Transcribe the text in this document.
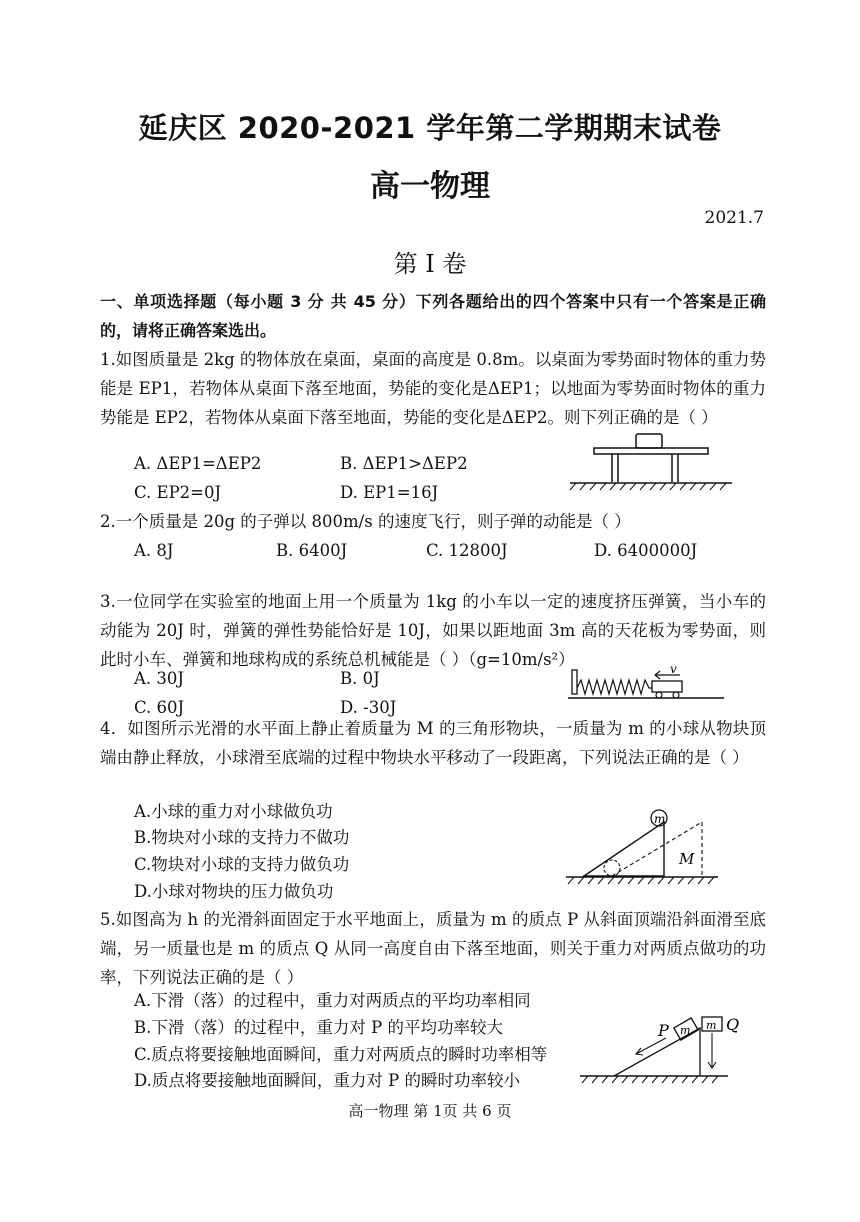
延庆区 2020-2021 学年第二学期期末试卷
高一物理
2021.7
第 I 卷
一、单项选择题（每小题 3 分 共 45 分）下列各题给出的四个答案中只有一个答案是正确的，请将正确答案选出。
1.如图质量是 2kg 的物体放在桌面，桌面的高度是 0.8m。以桌面为零势面时物体的重力势能是 EP1，若物体从桌面下落至地面，势能的变化是ΔEP1；以地面为零势面时物体的重力势能是 EP2，若物体从桌面下落至地面，势能的变化是ΔEP2。则下列正确的是（ ）
A. ΔEP1=ΔEP2	B. ΔEP1>ΔEP2
C. EP2=0J	D. EP1=16J
2.一个质量是 20g 的子弹以 800m/s 的速度飞行，则子弹的动能是（ ）
A. 8J	B. 6400J	C. 12800J	D. 6400000J
3.一位同学在实验室的地面上用一个质量为 1kg 的小车以一定的速度挤压弹簧，当小车的动能为 20J 时，弹簧的弹性势能恰好是 10J，如果以距地面 3m 高的天花板为零势面，则此时小车、弹簧和地球构成的系统总机械能是（ ）（g=10m/s²）
A. 30J	B. 0J
C. 60J	D. -30J
v
4．如图所示光滑的水平面上静止着质量为 M 的三角形物块，一质量为 m 的小球从物块顶端由静止释放，小球滑至底端的过程中物块水平移动了一段距离，下列说法正确的是（ ）
A.小球的重力对小球做负功
B.物块对小球的支持力不做功
C.物块对小球的支持力做负功
D.小球对物块的压力做负功
m
M
5.如图高为 h 的光滑斜面固定于水平地面上，质量为 m 的质点 P 从斜面顶端沿斜面滑至底端，另一质量也是 m 的质点 Q 从同一高度自由下落至地面，则关于重力对两质点做功的功率，下列说法正确的是（ ）
A.下滑（落）的过程中，重力对两质点的平均功率相同
B.下滑（落）的过程中，重力对 P 的平均功率较大
C.质点将要接触地面瞬间，重力对两质点的瞬时功率相等
D.质点将要接触地面瞬间，重力对 P 的瞬时功率较小
P m m Q
高一物理 第 1页 共 6 页
